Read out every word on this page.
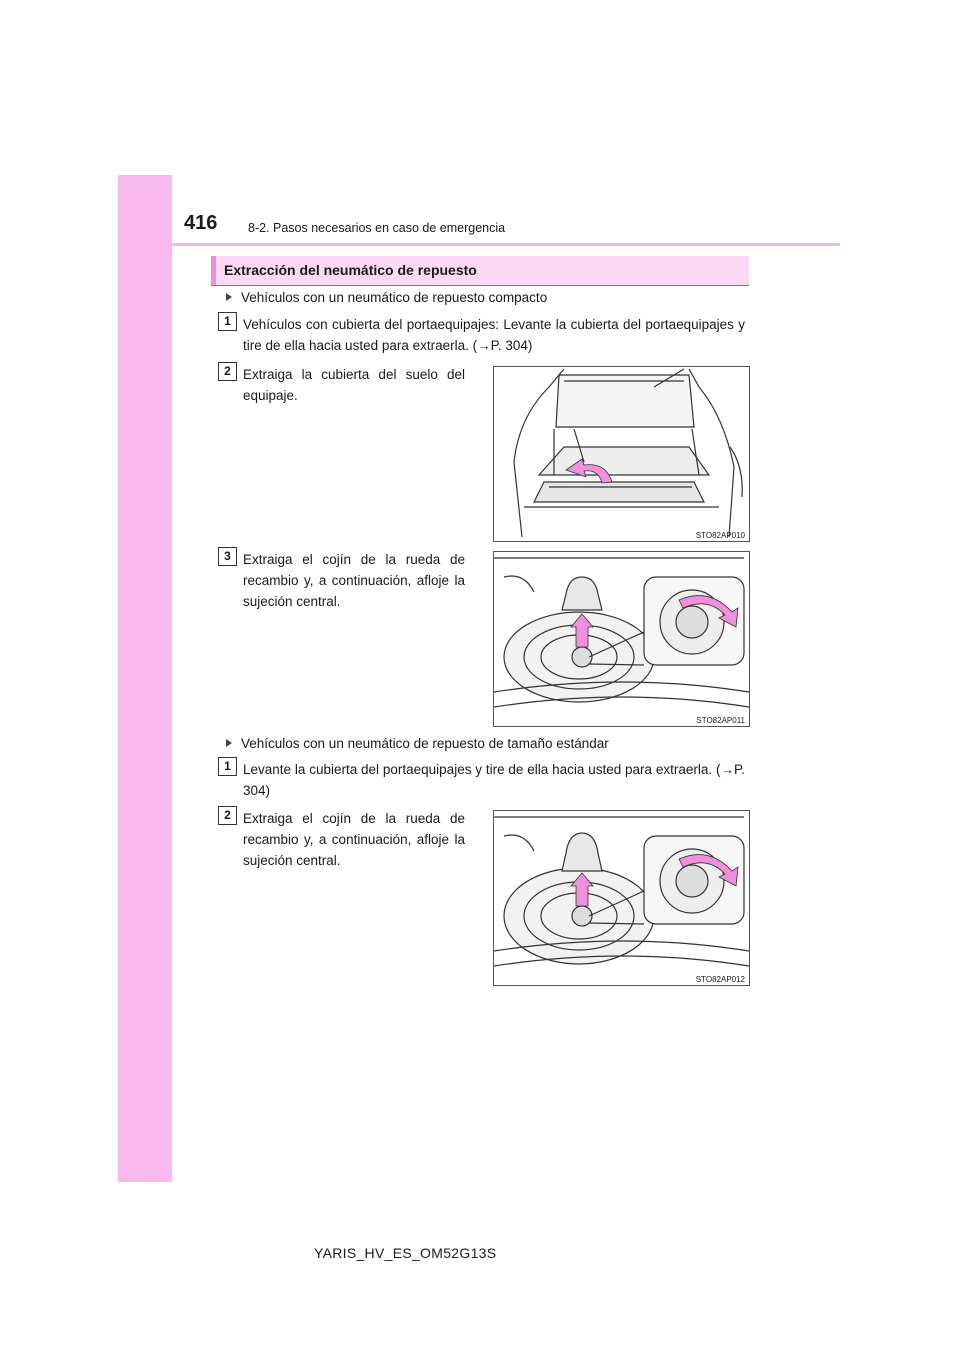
416 8-2. Pasos necesarios en caso de emergencia
Extracción del neumático de repuesto
Vehículos con un neumático de repuesto compacto
1 Vehículos con cubierta del portaequipajes: Levante la cubierta del portaequipajes y tire de ella hacia usted para extraerla. (→P. 304)
2 Extraiga la cubierta del suelo del equipaje.
STO82AP010
3 Extraiga el cojín de la rueda de recambio y, a continuación, afloje la sujeción central.
STO82AP011
Vehículos con un neumático de repuesto de tamaño estándar
1 Levante la cubierta del portaequipajes y tire de ella hacia usted para extraerla. (→P. 304)
2 Extraiga el cojín de la rueda de recambio y, a continuación, afloje la sujeción central.
STO82AP012
YARIS_HV_ES_OM52G13S
